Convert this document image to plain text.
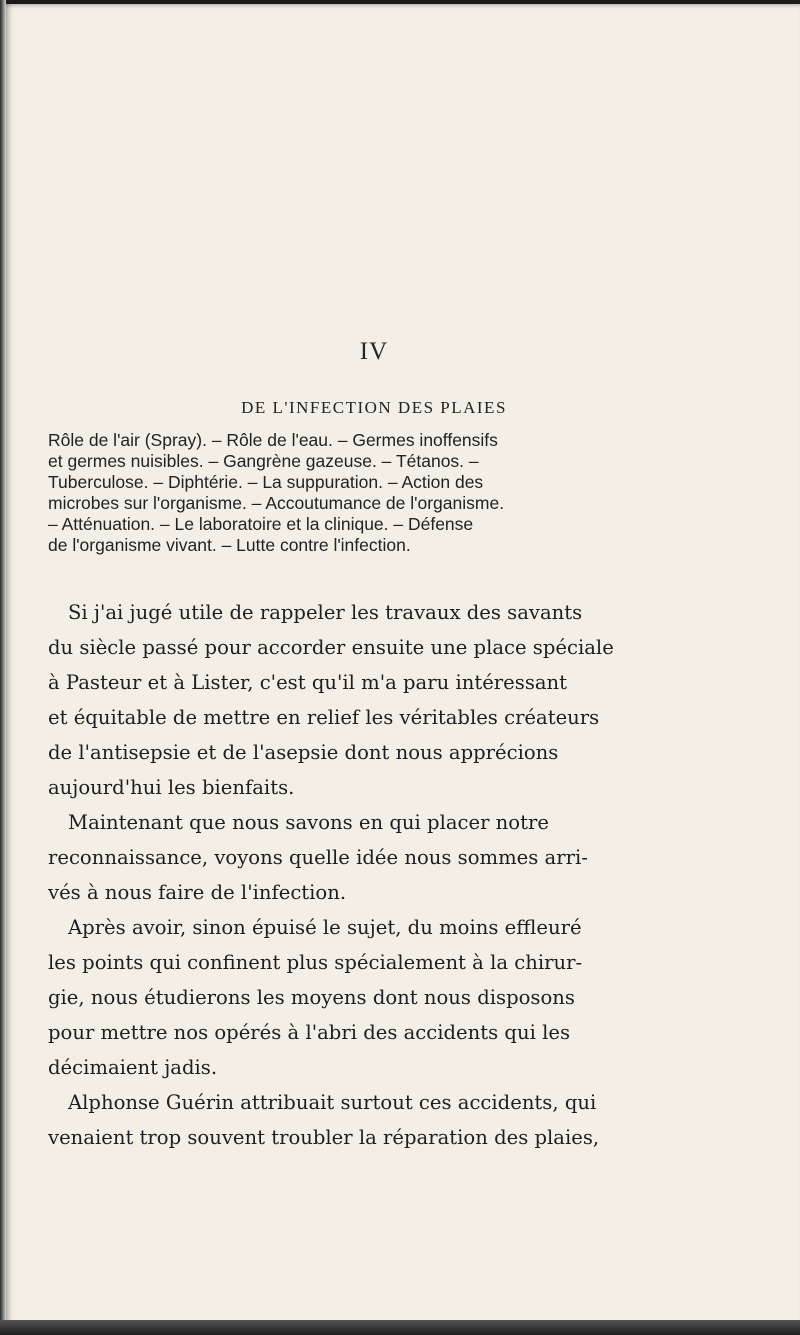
IV
DE L'INFECTION DES PLAIES
Rôle de l'air (Spray). – Rôle de l'eau. – Germes inoffensifs
et germes nuisibles. – Gangrène gazeuse. – Tétanos. –
Tuberculose. – Diphtérie. – La suppuration. – Action des
microbes sur l'organisme. – Accoutumance de l'organisme.
– Atténuation. – Le laboratoire et la clinique. – Défense
de l'organisme vivant. – Lutte contre l'infection.
Si j'ai jugé utile de rappeler les travaux des savants
du siècle passé pour accorder ensuite une place spéciale
à Pasteur et à Lister, c'est qu'il m'a paru intéressant
et équitable de mettre en relief les véritables créateurs
de l'antisepsie et de l'asepsie dont nous apprécions
aujourd'hui les bienfaits.
Maintenant que nous savons en qui placer notre
reconnaissance, voyons quelle idée nous sommes arri-
vés à nous faire de l'infection.
Après avoir, sinon épuisé le sujet, du moins effleuré
les points qui confinent plus spécialement à la chirur-
gie, nous étudierons les moyens dont nous disposons
pour mettre nos opérés à l'abri des accidents qui les
décimaient jadis.
Alphonse Guérin attribuait surtout ces accidents, qui
venaient trop souvent troubler la réparation des plaies,
